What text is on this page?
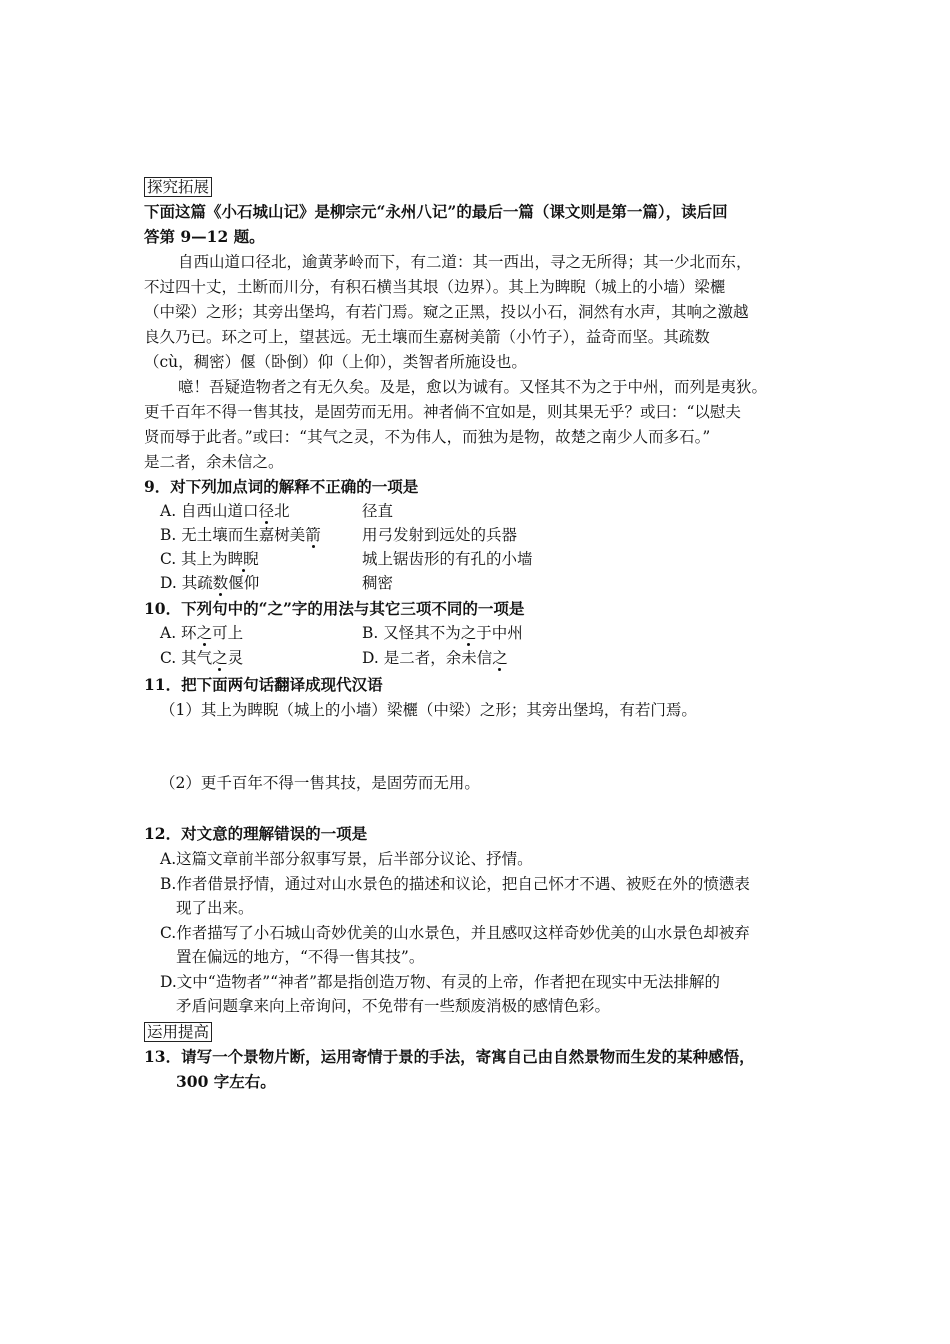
探究拓展
下面这篇《小石城山记》是柳宗元“永州八记”的最后一篇（课文则是第一篇），读后回
答第 9—12 题。
自西山道口径北，逾黄茅岭而下，有二道：其一西出，寻之无所得；其一少北而东，
不过四十丈，土断而川分，有积石横当其垠（边界）。其上为睥睨（城上的小墙）梁欐
（中梁）之形；其旁出堡坞，有若门焉。窥之正黑，投以小石，洞然有水声，其响之激越
良久乃已。环之可上，望甚远。无土壤而生嘉树美箭（小竹子），益奇而坚。其疏数
（cù，稠密）偃（卧倒）仰（上仰），类智者所施设也。
噫！吾疑造物者之有无久矣。及是，愈以为诚有。又怪其不为之于中州，而列是夷狄。
更千百年不得一售其技，是固劳而无用。神者倘不宜如是，则其果无乎？或曰：“以慰夫
贤而辱于此者。”或曰：“其气之灵，不为伟人，而独为是物，故楚之南少人而多石。”
是二者，余未信之。
9．对下列加点词的解释不正确的一项是
A. 自西山道口径北	径直
B. 无土壤而生嘉树美箭	用弓发射到远处的兵器
C. 其上为睥睨	城上锯齿形的有孔的小墙
D. 其疏数偃仰	稠密
10．下列句中的“之”字的用法与其它三项不同的一项是
A. 环之可上	B. 又怪其不为之于中州
C. 其气之灵	D. 是二者，余未信之
11．把下面两句话翻译成现代汉语
（1）其上为睥睨（城上的小墙）梁欐（中梁）之形；其旁出堡坞，有若门焉。
（2）更千百年不得一售其技，是固劳而无用。
12．对文意的理解错误的一项是
A.这篇文章前半部分叙事写景，后半部分议论、抒情。
B.作者借景抒情，通过对山水景色的描述和议论，把自己怀才不遇、被贬在外的愤懑表
现了出来。
C.作者描写了小石城山奇妙优美的山水景色，并且感叹这样奇妙优美的山水景色却被弃
置在偏远的地方，“不得一售其技”。
D.文中“造物者”“神者”都是指创造万物、有灵的上帝，作者把在现实中无法排解的
矛盾问题拿来向上帝询问，不免带有一些颓废消极的感情色彩。
运用提高
13．请写一个景物片断，运用寄情于景的手法，寄寓自己由自然景物而生发的某种感悟，
300 字左右。
